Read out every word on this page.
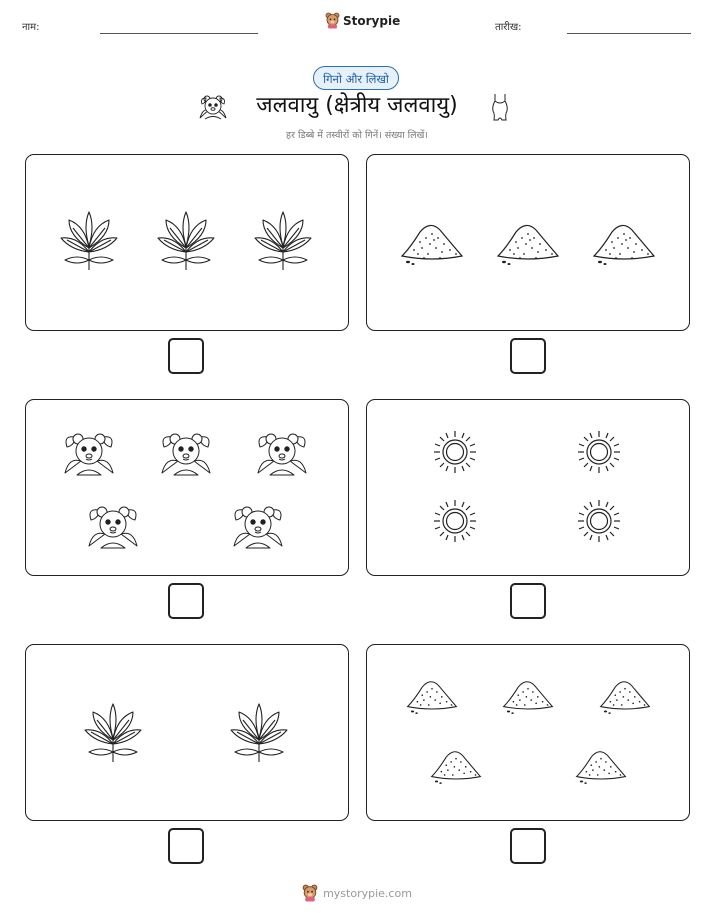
नाम:	Storypie	तारीख:
गिनो और लिखो
जलवायु (क्षेत्रीय जलवायु)
हर डिब्बे में तस्वीरों को गिनें। संख्या लिखें।
mystorypie.com
